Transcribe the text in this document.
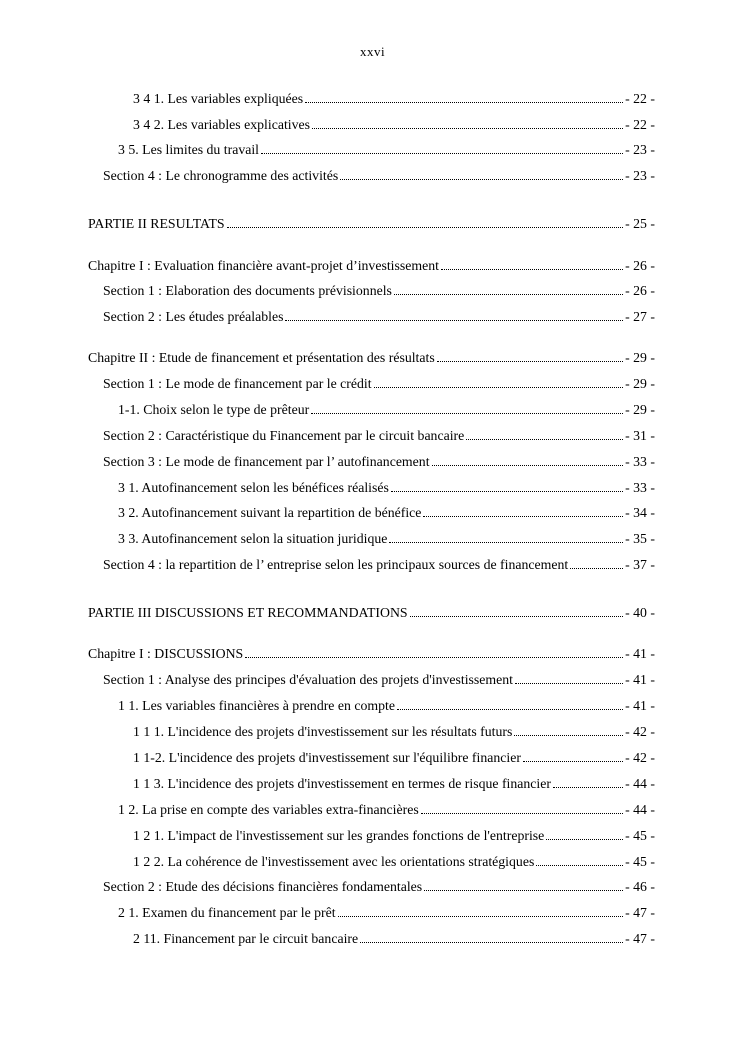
xxvi
3 4 1. Les variables expliquées	- 22 -
3 4 2. Les variables explicatives	- 22 -
3 5. Les limites du travail	- 23 -
Section 4 : Le chronogramme des activités	- 23 -
PARTIE II RESULTATS	- 25 -
Chapitre I : Evaluation financière avant-projet d’investissement	- 26 -
Section 1 : Elaboration des documents prévisionnels	- 26 -
Section 2 : Les études préalables	- 27 -
Chapitre II : Etude de financement et présentation des résultats	- 29 -
Section 1 : Le mode de financement par le crédit	- 29 -
1-1. Choix selon le type de prêteur	- 29 -
Section 2 : Caractéristique du Financement par le circuit bancaire	- 31 -
Section 3 : Le mode de financement par l’ autofinancement	- 33 -
3 1. Autofinancement selon les bénéfices réalisés	- 33 -
3 2. Autofinancement suivant la repartition de bénéfice	- 34 -
3 3. Autofinancement selon la situation juridique	- 35 -
Section 4 : la repartition de l’ entreprise selon les principaux sources de financement	- 37 -
PARTIE III DISCUSSIONS ET RECOMMANDATIONS	- 40 -
Chapitre I : DISCUSSIONS	- 41 -
Section 1 : Analyse des principes d'évaluation des projets d'investissement	- 41 -
1 1. Les variables financières à prendre en compte	- 41 -
1 1 1. L'incidence des projets d'investissement sur les résultats futurs	- 42 -
1 1-2. L'incidence des projets d'investissement sur l'équilibre financier	- 42 -
1 1 3. L'incidence des projets d'investissement en termes de risque financier	- 44 -
1 2. La prise en compte des variables extra-financières	- 44 -
1 2 1. L'impact de l'investissement sur les grandes fonctions de l'entreprise	- 45 -
1 2 2. La cohérence de l'investissement avec les orientations stratégiques	- 45 -
Section 2 : Etude des décisions financières fondamentales	- 46 -
2 1. Examen du financement par le prêt	- 47 -
2 11. Financement par le circuit bancaire	- 47 -
